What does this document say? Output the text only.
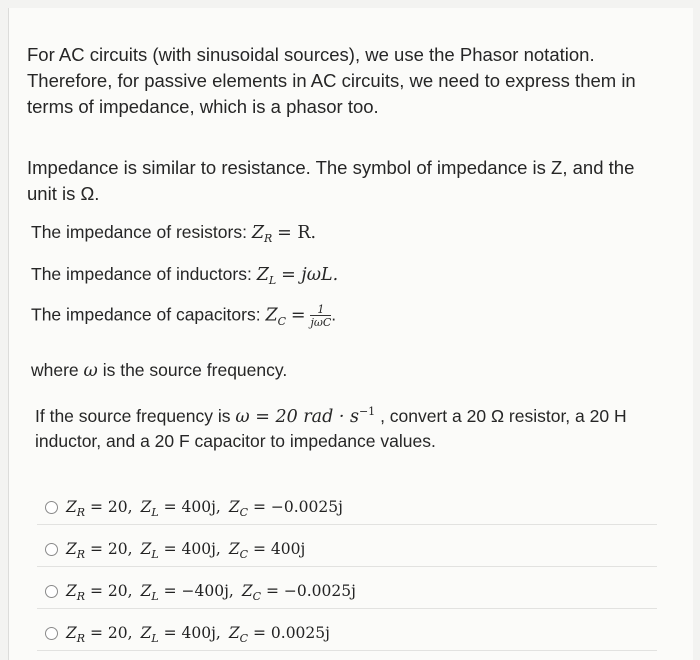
For AC circuits (with sinusoidal sources), we use the Phasor notation. Therefore, for passive elements in AC circuits, we need to express them in terms of impedance, which is a phasor too.
Impedance is similar to resistance. The symbol of impedance is Z, and the unit is Ω.
The impedance of resistors: $Z_R = R$.
The impedance of inductors: $Z_L = j\omega L$.
The impedance of capacitors: $Z_C = \frac{1}{\text{jωC}}$ .
where ω is the source frequency.
If the source frequency is ω = 20 rad · $s^{-1}$ , convert a 20 Ω resistor, a 20 H inductor, and a 20 F capacitor to impedance values.
$Z_R = 20$, $Z_L = 400j$, $Z_C = -0.0025j$
$Z_R = 20$, $Z_L = 400j$, $Z_C = 400j$
$Z_R = 20$, $Z_L = -400j$, $Z_C = -0.0025j$
$Z_R = 20$, $Z_L = 400j$, $Z_C = 0.0025j$
